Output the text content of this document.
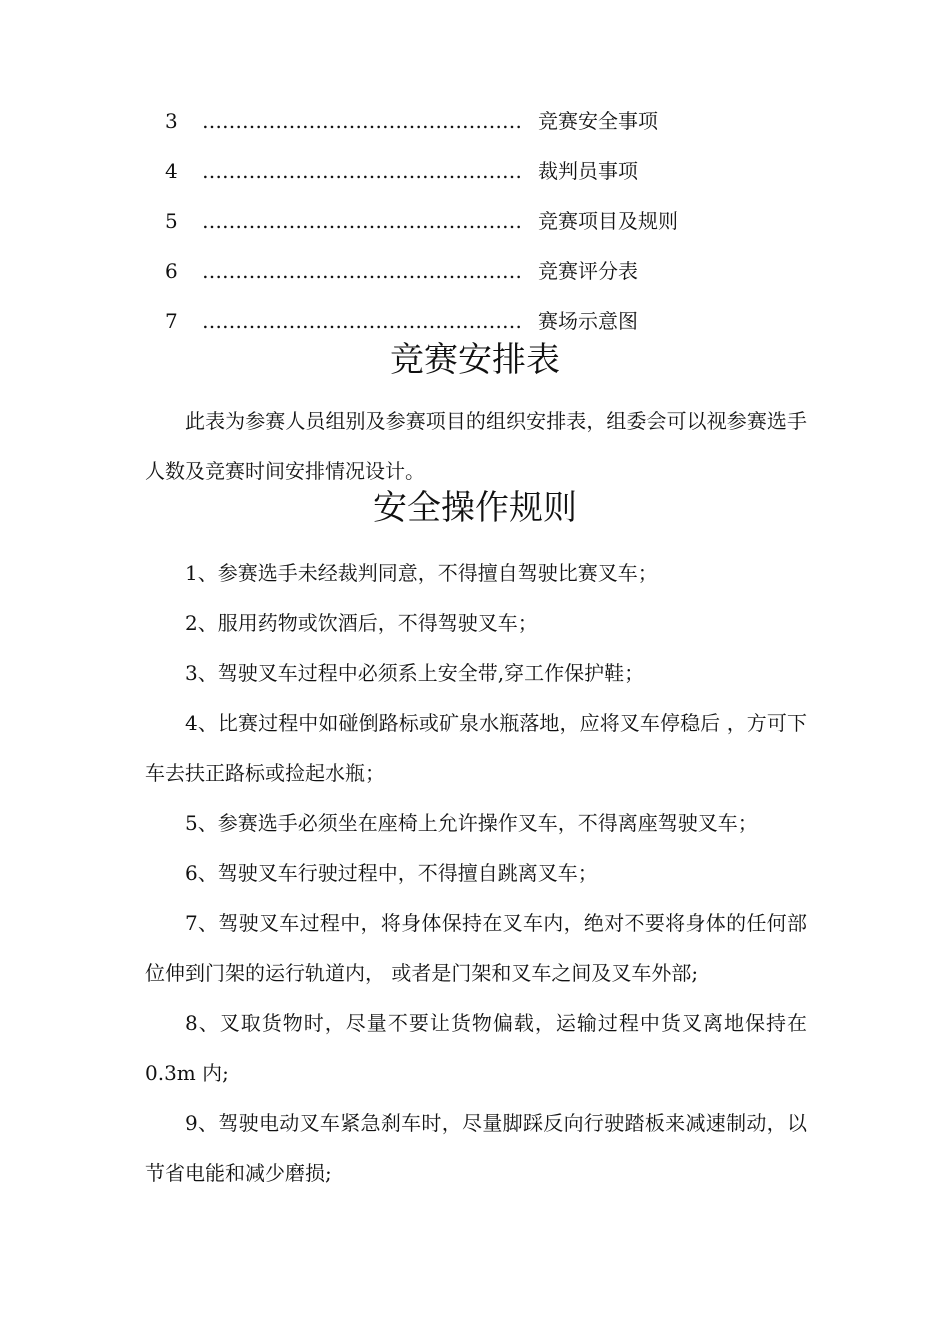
3	………………………………………… 竞赛安全事项
4	………………………………………… 裁判员事项
5	………………………………………… 竞赛项目及规则
6	………………………………………… 竞赛评分表
7	………………………………………… 赛场示意图
竞赛安排表

此表为参赛人员组别及参赛项目的组织安排表，组委会可以视参赛选手人数及竞赛时间安排情况设计。

安全操作规则

1、参赛选手未经裁判同意，不得擅自驾驶比赛叉车；

2、服用药物或饮酒后，不得驾驶叉车；

3、驾驶叉车过程中必须系上安全带,穿工作保护鞋；

4、比赛过程中如碰倒路标或矿泉水瓶落地，应将叉车停稳后 ，方可下车去扶正路标或捡起水瓶；

5、参赛选手必须坐在座椅上允许操作叉车，不得离座驾驶叉车；

6、驾驶叉车行驶过程中，不得擅自跳离叉车；

7、驾驶叉车过程中，将身体保持在叉车内，绝对不要将身体的任何部位伸到门架的运行轨道内， 或者是门架和叉车之间及叉车外部;

8、叉取货物时，尽量不要让货物偏载，运输过程中货叉离地保持在 0.3m 内;

9、驾驶电动叉车紧急刹车时，尽量脚踩反向行驶踏板来减速制动，以节省电能和减少磨损;
